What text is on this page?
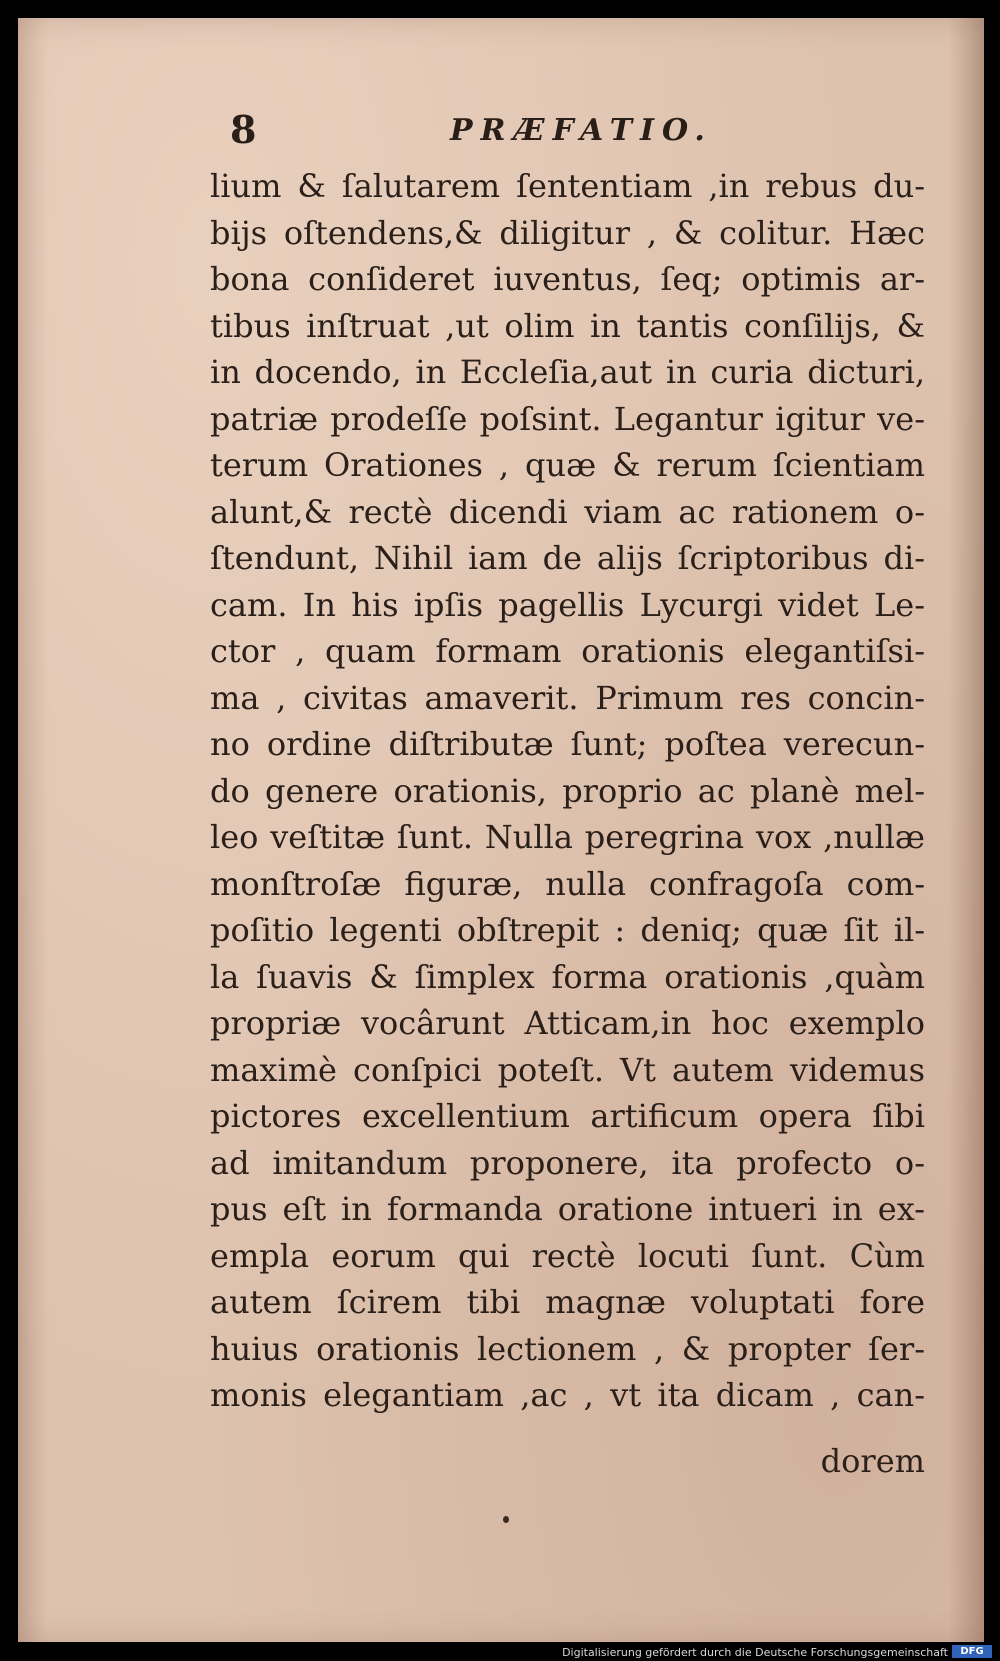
8	PRÆFATIO.
lium & ſalutarem ſententiam ,in rebus du-
bijs oſtendens,& diligitur , & colitur. Hæc
bona conſideret iuventus, ſeq; optimis ar-
tibus inſtruat ,ut olim in tantis conſilijs, &
in docendo, in Eccleſia,aut in curia dicturi,
patriæ prodeſſe poſsint. Legantur igitur ve-
terum Orationes , quæ & rerum ſcientiam
alunt,& rectè dicendi viam ac rationem o-
ſtendunt, Nihil iam de alijs ſcriptoribus di-
cam. In his ipſis pagellis Lycurgi videt Le-
ctor , quam formam orationis elegantiſsi-
ma , civitas amaverit. Primum res concin-
no ordine diſtributæ ſunt; poſtea verecun-
do genere orationis, proprio ac planè mel-
leo veſtitæ ſunt. Nulla peregrina vox ,nullæ
monſtroſæ figuræ, nulla confragoſa com-
poſitio legenti obſtrepit : deniq; quæ ſit il-
la ſuavis & ſimplex forma orationis ,quàm
propriæ vocârunt Atticam,in hoc exemplo
maximè conſpici poteſt. Vt autem videmus
pictores excellentium artificum opera ſibi
ad imitandum proponere, ita profecto o-
pus eſt in formanda oratione intueri in ex-
empla eorum qui rectè locuti ſunt. Cùm
autem ſcirem tibi magnæ voluptati fore
huius orationis lectionem , & propter ſer-
monis elegantiam ,ac , vt ita dicam , can-
dorem
Digitalisierung gefördert durch die Deutsche Forschungsgemeinschaft	DFG
